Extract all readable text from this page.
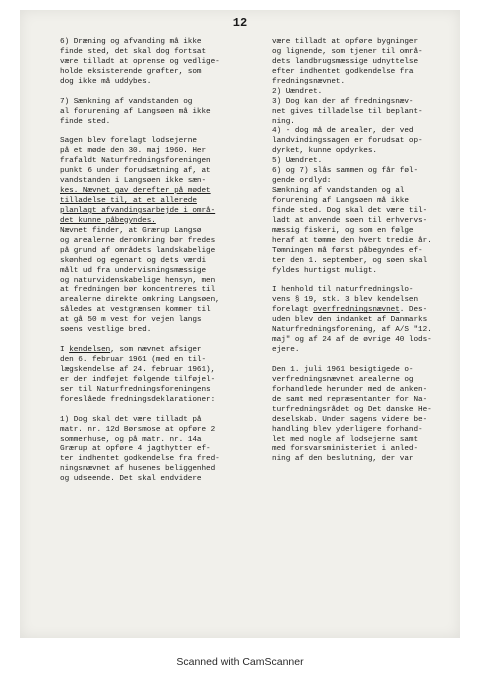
12
6) Dræning og afvanding må ikke
finde sted, det skal dog fortsat
være tilladt at oprense og vedlige-
holde eksisterende grøfter, som
dog ikke må uddybes.
7) Sænkning af vandstanden og
al forurening af Langsøen må ikke
finde sted.
Sagen blev forelagt lodsejerne
på et møde den 30. maj 1960. Her
frafaldt Naturfredningsforeningen
punkt 6 under forudsætning af, at
vandstanden i Langsøen ikke sæn-
kes. Nævnet gav derefter på mødet
tilladelse til, at et allerede
planlagt afvandingsarbejde i områ-
det kunne påbegyndes.
Nævnet finder, at Grærup Langsø
og arealerne deromkring bør fredes
på grund af områdets landskabelige
skønhed og egenart og dets værdi
målt ud fra undervisningsmæssige
og naturvidenskabelige hensyn, men
at fredningen bør koncentreres til
arealerne direkte omkring Langsøen,
således at vestgrænsen kommer til
at gå 50 m vest for vejen langs
søens vestlige bred.
I kendelsen, som nævnet afsiger
den 6. februar 1961 (med en til-
lægskendelse af 24. februar 1961),
er der indføjet følgende tilføjel-
ser til Naturfredningsforeningens
foreslåede fredningsdeklarationer:
1) Dog skal det være tilladt på
matr. nr. 12d Børsmose at opføre 2
sommerhuse, og på matr. nr. 14a
Grærup at opføre 4 jagthytter ef-
ter indhentet godkendelse fra fred-
ningsnævnet af husenes beliggenhed
og udseende. Det skal endvidere
være tilladt at opføre bygninger
og lignende, som tjener til områ-
dets landbrugsmæssige udnyttelse
efter indhentet godkendelse fra
fredningsnævnet.
2) Uændret.
3) Dog kan der af fredningsnæv-
net gives tilladelse til beplant-
ning.
4) - dog må de arealer, der ved
landvindingssagen er forudsat op-
dyrket, kunne opdyrkes.
5) Uændret.
6) og 7) slås sammen og får føl-
gende ordlyd:
Sænkning af vandstanden og al
forurening af Langsøen må ikke
finde sted. Dog skal det være til-
ladt at anvende søen til erhvervs-
mæssig fiskeri, og som en følge
heraf at tømme den hvert tredie år.
Tømningen må først påbegyndes ef-
ter den 1. september, og søen skal
fyldes hurtigst muligt.
I henhold til naturfredningslo-
vens § 19, stk. 3 blev kendelsen
forelagt overfredningsnævnet. Des-
uden blev den indanket af Danmarks
Naturfredningsforening, af A/S "12.
maj" og af 24 af de øvrige 40 lods-
ejere.
Den 1. juli 1961 besigtigede o-
verfredningsnævnet arealerne og
forhandlede herunder med de anken-
de samt med repræsentanter for Na-
turfredningsrådet og Det danske He-
deselskab. Under sagens videre be-
handling blev yderligere forhand-
let med nogle af lodsejerne samt
med forsvarsministeriet i anled-
ning af den beslutning, der var
Scanned with CamScanner
